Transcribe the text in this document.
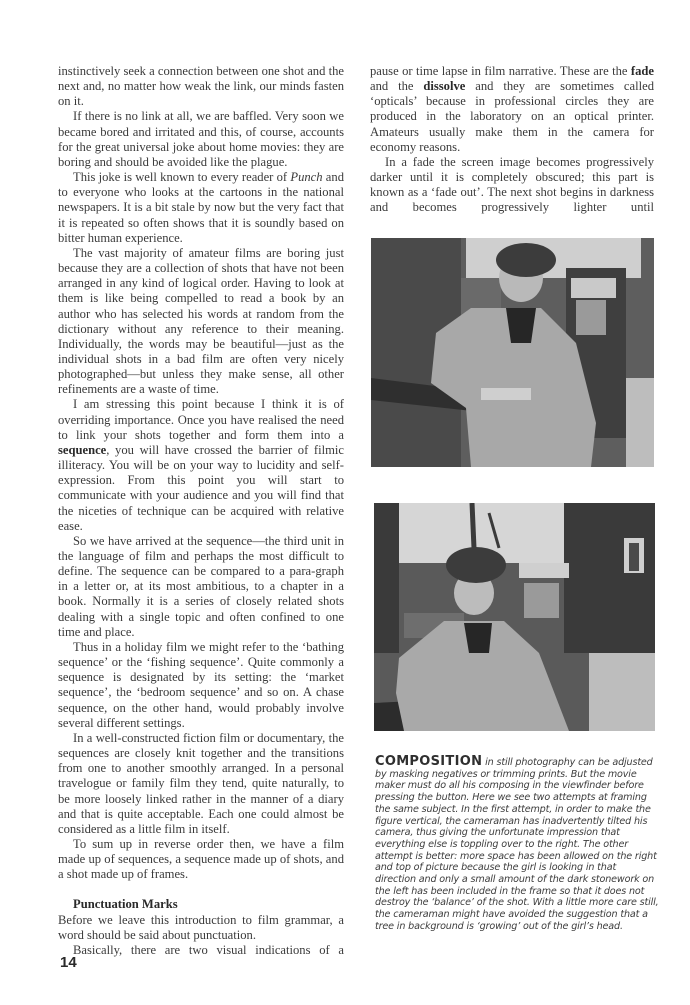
instinctively seek a connection between one shot and the next and, no matter how weak the link, our minds fasten on it.

If there is no link at all, we are baffled. Very soon we became bored and irritated and this, of course, accounts for the great universal joke about home movies: they are boring and should be avoided like the plague.

This joke is well known to every reader of Punch and to everyone who looks at the cartoons in the national newspapers. It is a bit stale by now but the very fact that it is repeated so often shows that it is soundly based on bitter human experience.

The vast majority of amateur films are boring just because they are a collection of shots that have not been arranged in any kind of logical order. Having to look at them is like being compelled to read a book by an author who has selected his words at random from the dictionary without any reference to their meaning. Individually, the words may be beautiful—just as the individual shots in a bad film are often very nicely photographed—but unless they make sense, all other refinements are a waste of time.

I am stressing this point because I think it is of overriding importance. Once you have realised the need to link your shots together and form them into a sequence, you will have crossed the barrier of filmic illiteracy. You will be on your way to lucidity and self-expression. From this point you will start to communicate with your audience and you will find that the niceties of technique can be acquired with relative ease.

So we have arrived at the sequence—the third unit in the language of film and perhaps the most difficult to define. The sequence can be compared to a para-graph in a letter or, at its most ambitious, to a chapter in a book. Normally it is a series of closely related shots dealing with a single topic and often confined to one time and place.

Thus in a holiday film we might refer to the ‘bathing sequence’ or the ‘fishing sequence’. Quite commonly a sequence is designated by its setting: the ‘market sequence’, the ‘bedroom sequence’ and so on. A chase sequence, on the other hand, would probably involve several different settings.

In a well-constructed fiction film or documentary, the sequences are closely knit together and the transitions from one to another smoothly arranged. In a personal travelogue or family film they tend, quite naturally, to be more loosely linked rather in the manner of a diary and that is quite acceptable. Each one could almost be considered as a little film in itself.

To sum up in reverse order then, we have a film made up of sequences, a sequence made up of shots, and a shot made up of frames.

Punctuation Marks

Before we leave this introduction to film grammar, a word should be said about punctuation.

Basically, there are two visual indications of a

pause or time lapse in film narrative. These are the fade and the dissolve and they are sometimes called ‘opticals’ because in professional circles they are produced in the laboratory on an optical printer. Amateurs usually make them in the camera for economy reasons.

In a fade the screen image becomes progressively darker until it is completely obscured; this part is known as a ‘fade out’. The next shot begins in darkness and becomes progressively lighter until

COMPOSITION in still photography can be adjusted by masking negatives or trimming prints. But the movie maker must do all his composing in the viewfinder before pressing the button. Here we see two attempts at framing the same subject. In the first attempt, in order to make the figure vertical, the cameraman has inadvertently tilted his camera, thus giving the unfortunate impression that everything else is toppling over to the right. The other attempt is better: more space has been allowed on the right and top of picture because the girl is looking in that direction and only a small amount of the dark stonework on the left has been included in the frame so that it does not destroy the ‘balance’ of the shot. With a little more care still, the cameraman might have avoided the suggestion that a tree in background is ‘growing’ out of the girl’s head.
14
